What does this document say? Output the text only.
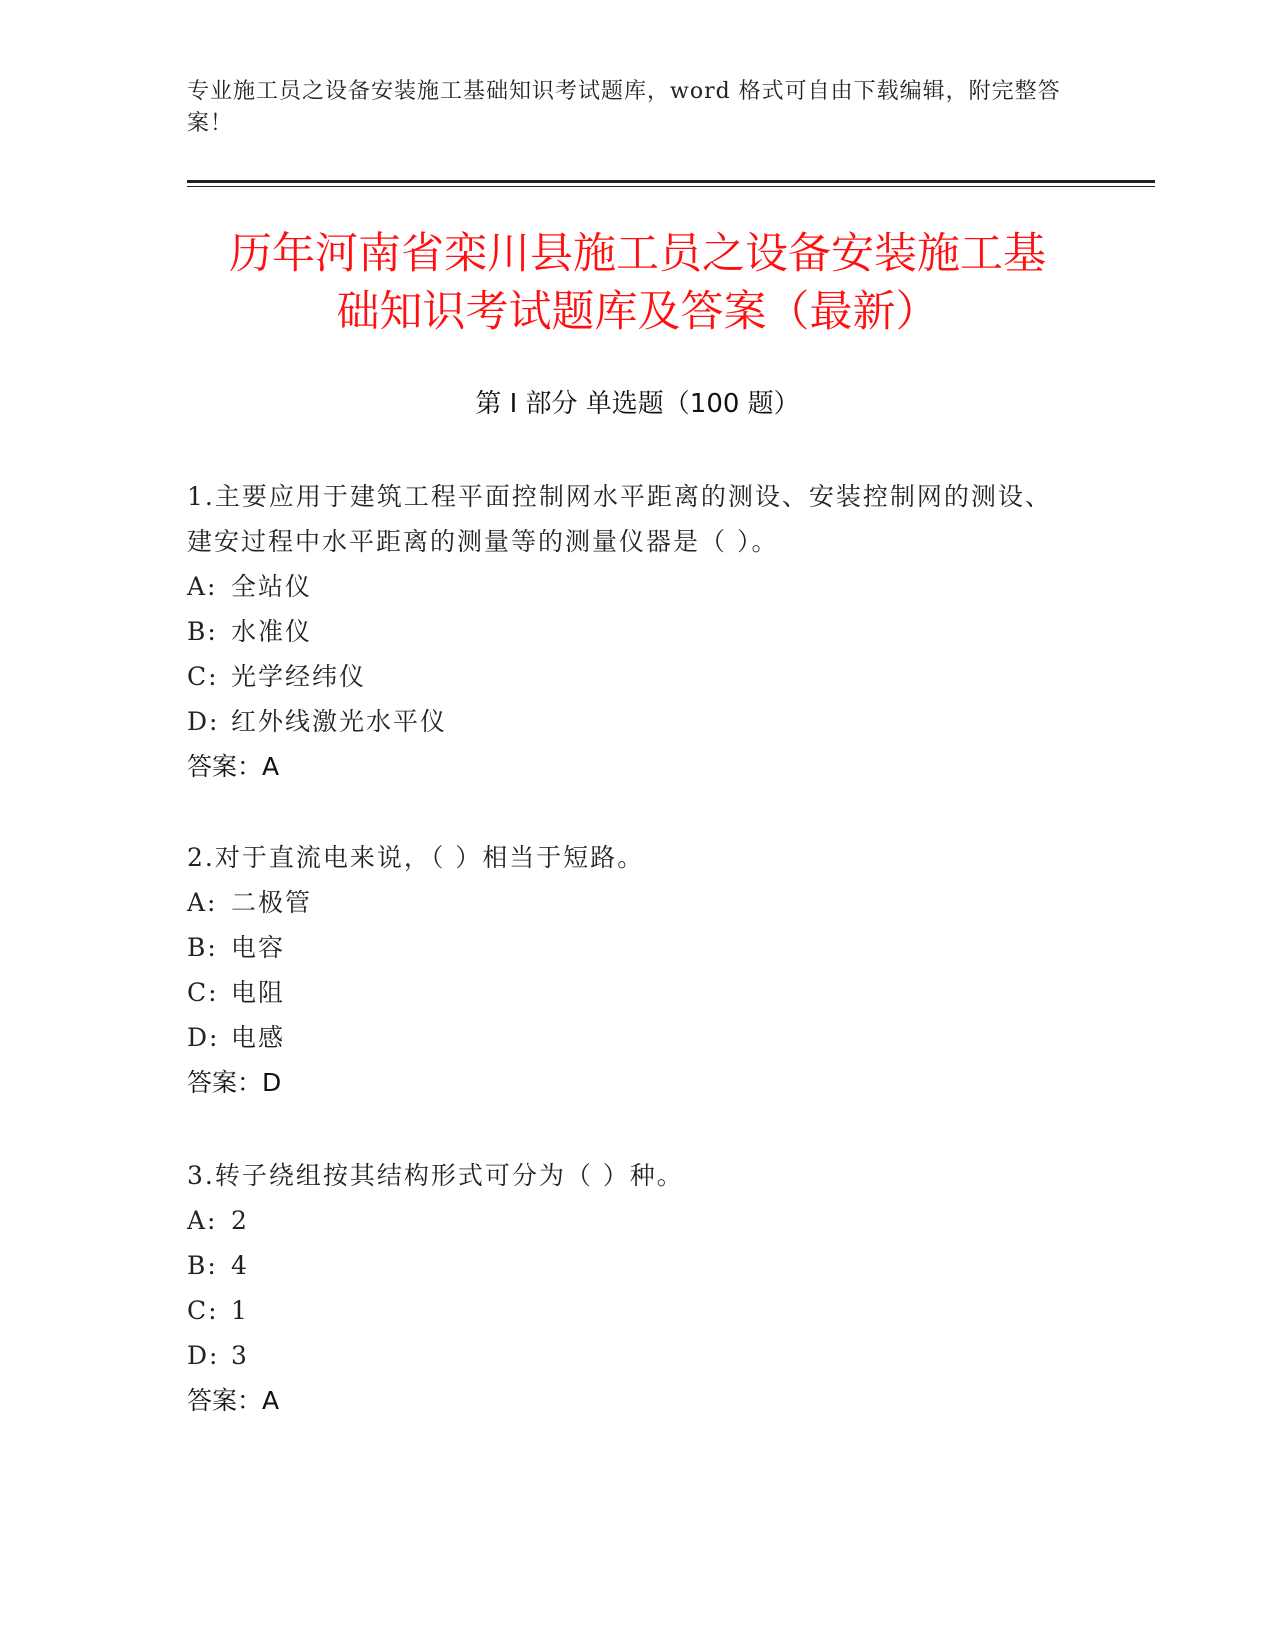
专业施工员之设备安装施工基础知识考试题库，word 格式可自由下载编辑，附完整答案！
历年河南省栾川县施工员之设备安装施工基
础知识考试题库及答案（最新）
第 I 部分 单选题（100 题）

1.主要应用于建筑工程平面控制网水平距离的测设、安装控制网的测设、建安过程中水平距离的测量等的测量仪器是（ ）。

A: 全站仪

B: 水准仪

C: 光学经纬仪

D: 红外线激光水平仪

答案：A

2.对于直流电来说，（ ）相当于短路。

A: 二极管

B: 电容

C: 电阻

D: 电感

答案：D

3.转子绕组按其结构形式可分为（ ）种。

A: 2

B: 4

C: 1

D: 3

答案：A
